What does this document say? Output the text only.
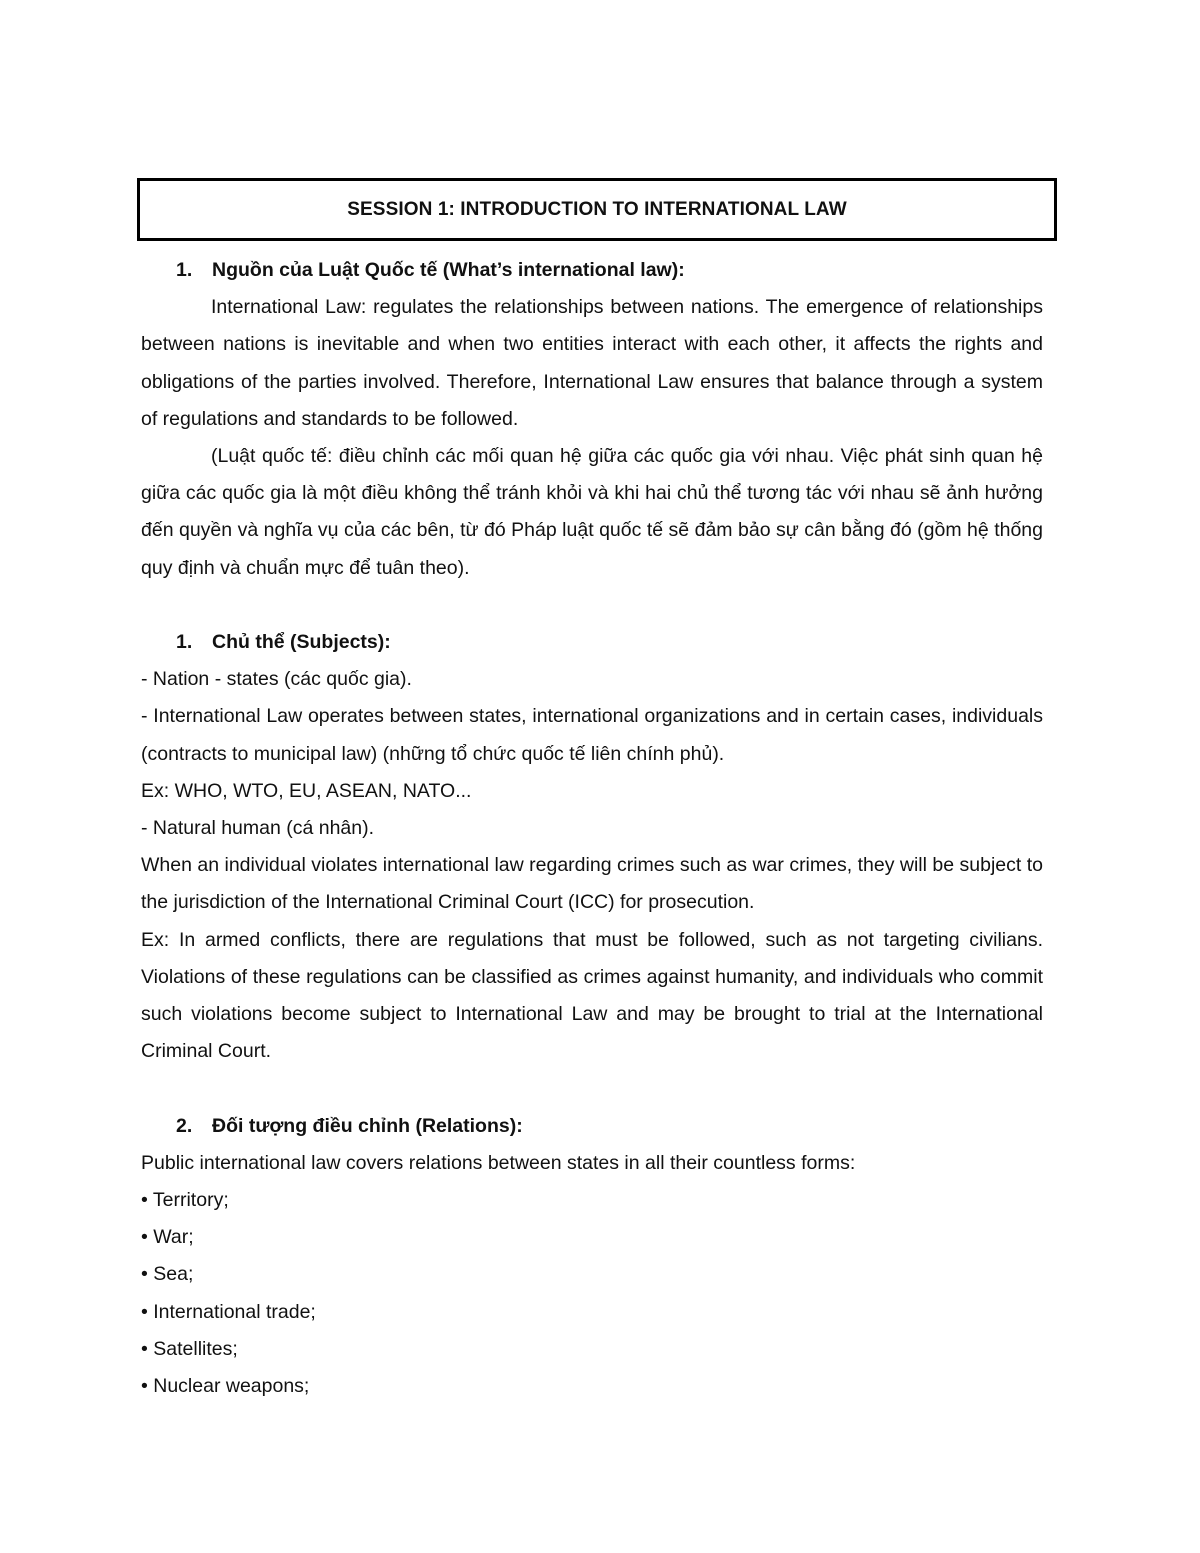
SESSION 1: INTRODUCTION TO INTERNATIONAL LAW

1. Nguồn của Luật Quốc tế (What’s international law):

International Law: regulates the relationships between nations. The emergence of relationships between nations is inevitable and when two entities interact with each other, it affects the rights and obligations of the parties involved. Therefore, International Law ensures that balance through a system of regulations and standards to be followed.

(Luật quốc tế: điều chỉnh các mối quan hệ giữa các quốc gia với nhau. Việc phát sinh quan hệ giữa các quốc gia là một điều không thể tránh khỏi và khi hai chủ thể tương tác với nhau sẽ ảnh hưởng đến quyền và nghĩa vụ của các bên, từ đó Pháp luật quốc tế sẽ đảm bảo sự cân bằng đó (gồm hệ thống quy định và chuẩn mực để tuân theo).

1. Chủ thể (Subjects):

- Nation - states (các quốc gia).

- International Law operates between states, international organizations and in certain cases, individuals (contracts to municipal law) (những tổ chức quốc tế liên chính phủ).

Ex: WHO, WTO, EU, ASEAN, NATO...

- Natural human (cá nhân).

When an individual violates international law regarding crimes such as war crimes, they will be subject to the jurisdiction of the International Criminal Court (ICC) for prosecution.

Ex: In armed conflicts, there are regulations that must be followed, such as not targeting civilians. Violations of these regulations can be classified as crimes against humanity, and individuals who commit such violations become subject to International Law and may be brought to trial at the International Criminal Court.

2. Đối tượng điều chỉnh (Relations):

Public international law covers relations between states in all their countless forms:

• Territory;

• War;

• Sea;

• International trade;

• Satellites;

• Nuclear weapons;
